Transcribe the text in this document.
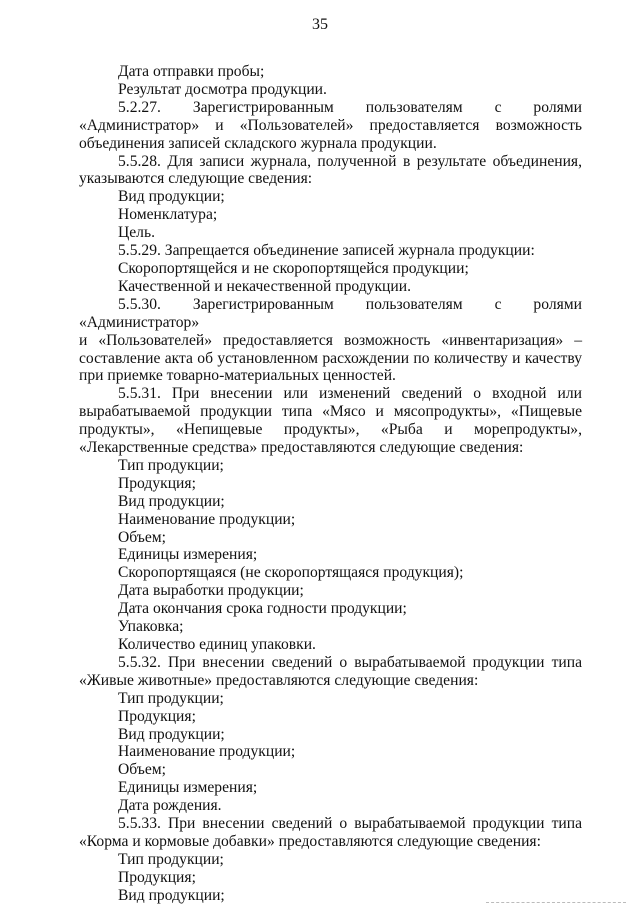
35

Дата отправки пробы;

Результат досмотра продукции.

5.2.27. Зарегистрированным пользователям с ролями

«Администратор» и «Пользователей» предоставляется возможность

объединения записей складского журнала продукции.

5.5.28. Для записи журнала, полученной в результате объединения,

указываются следующие сведения:

Вид продукции;

Номенклатура;

Цель.

5.5.29. Запрещается объединение записей журнала продукции:

Скоропортящейся и не скоропортящейся продукции;

Качественной и некачественной продукции.

5.5.30. Зарегистрированным пользователям с ролями «Администратор»

и «Пользователей» предоставляется возможность «инвентаризация» –

составление акта об установленном расхождении по количеству и качеству

при приемке товарно-материальных ценностей.

5.5.31. При внесении или изменений сведений о входной или

вырабатываемой продукции типа «Мясо и мясопродукты», «Пищевые

продукты», «Непищевые продукты», «Рыба и морепродукты»,

«Лекарственные средства» предоставляются следующие сведения:

Тип продукции;

Продукция;

Вид продукции;

Наименование продукции;

Объем;

Единицы измерения;

Скоропортящаяся (не скоропортящаяся продукция);

Дата выработки продукции;

Дата окончания срока годности продукции;

Упаковка;

Количество единиц упаковки.

5.5.32. При внесении сведений о вырабатываемой продукции типа

«Живые животные» предоставляются следующие сведения:

Тип продукции;

Продукция;

Вид продукции;

Наименование продукции;

Объем;

Единицы измерения;

Дата рождения.

5.5.33. При внесении сведений о вырабатываемой продукции типа

«Корма и кормовые добавки» предоставляются следующие сведения:

Тип продукции;

Продукция;

Вид продукции;
